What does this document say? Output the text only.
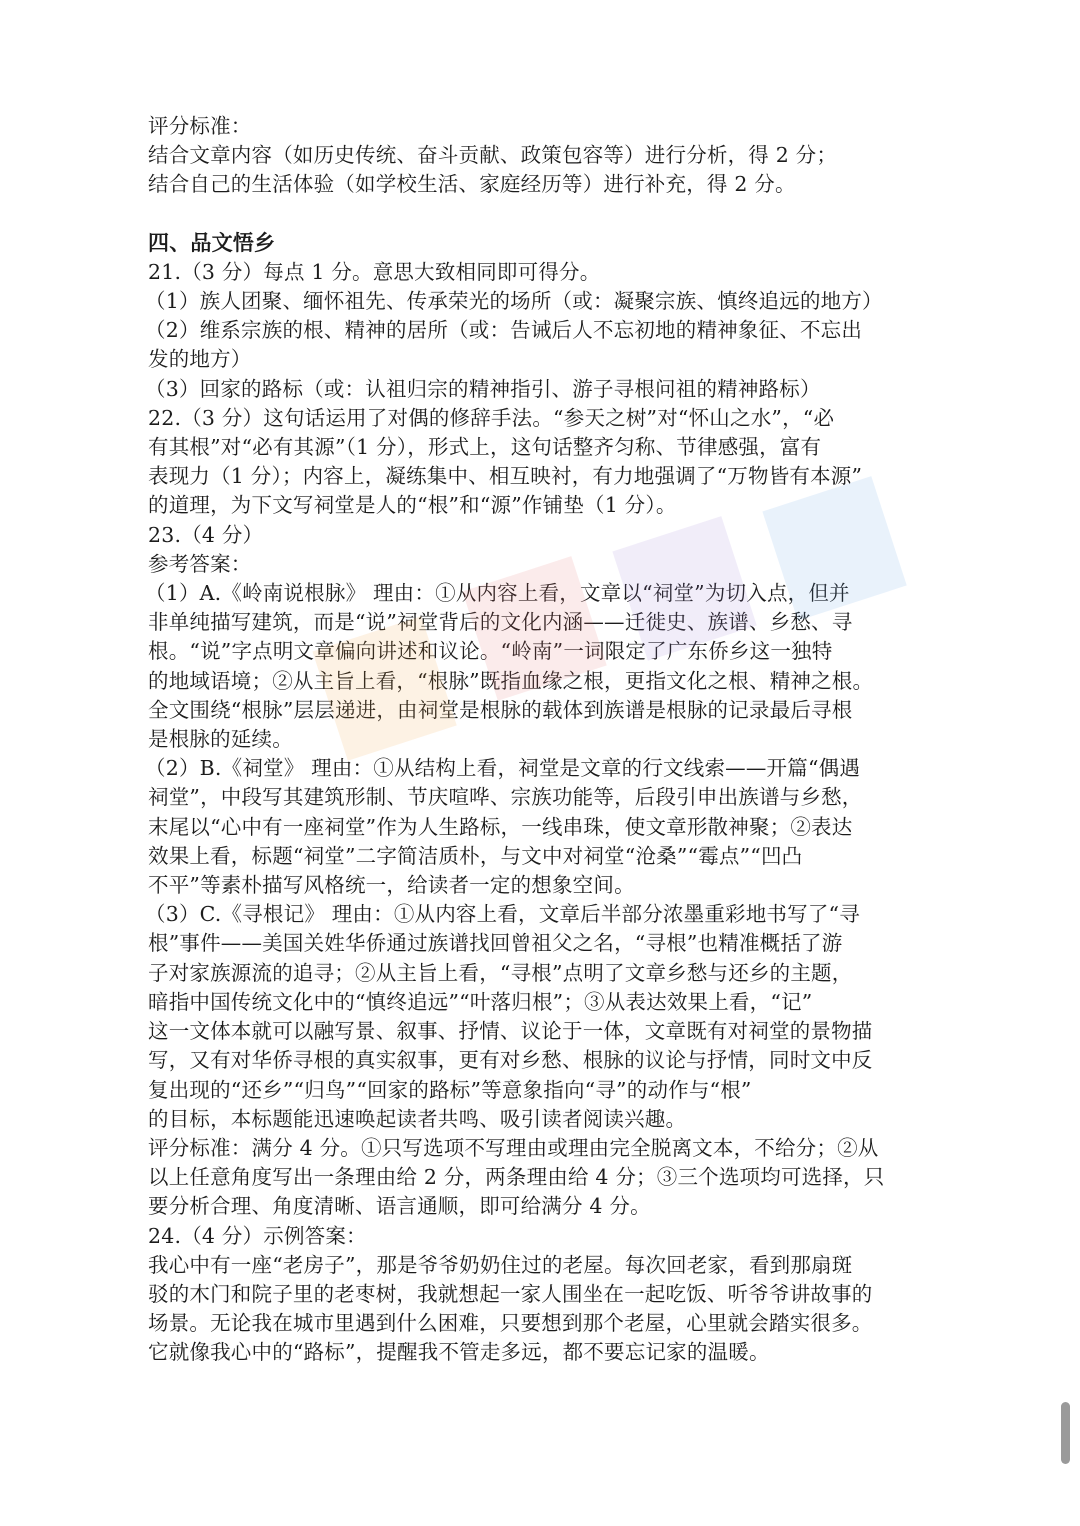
评分标准：
结合文章内容（如历史传统、奋斗贡献、政策包容等）进行分析，得 2 分；
结合自己的生活体验（如学校生活、家庭经历等）进行补充，得 2 分。
四、品文悟乡
21.（3 分）每点 1 分。意思大致相同即可得分。
（1）族人团聚、缅怀祖先、传承荣光的场所（或：凝聚宗族、慎终追远的地方）
（2）维系宗族的根、精神的居所（或：告诫后人不忘初地的精神象征、不忘出
发的地方）
（3）回家的路标（或：认祖归宗的精神指引、游子寻根问祖的精神路标）
22.（3 分）这句话运用了对偶的修辞手法。“参天之树”对“怀山之水”，“必
有其根”对“必有其源”（1 分），形式上，这句话整齐匀称、节律感强，富有
表现力（1 分）；内容上，凝练集中、相互映衬，有力地强调了“万物皆有本源”
的道理，为下文写祠堂是人的“根”和“源”作铺垫（1 分）。
23.（4 分）
参考答案：
（1）A.《岭南说根脉》 理由：①从内容上看，文章以“祠堂”为切入点，但并
非单纯描写建筑，而是“说”祠堂背后的文化内涵——迁徙史、族谱、乡愁、寻
根。“说”字点明文章偏向讲述和议论。“岭南”一词限定了广东侨乡这一独特
的地域语境；②从主旨上看，“根脉”既指血缘之根，更指文化之根、精神之根。
全文围绕“根脉”层层递进，由祠堂是根脉的载体到族谱是根脉的记录最后寻根
是根脉的延续。
（2）B.《祠堂》 理由：①从结构上看，祠堂是文章的行文线索——开篇“偶遇
祠堂”，中段写其建筑形制、节庆喧哗、宗族功能等，后段引申出族谱与乡愁，
末尾以“心中有一座祠堂”作为人生路标，一线串珠，使文章形散神聚；②表达
效果上看，标题“祠堂”二字简洁质朴，与文中对祠堂“沧桑”“霉点”“凹凸
不平”等素朴描写风格统一，给读者一定的想象空间。
（3）C.《寻根记》 理由：①从内容上看，文章后半部分浓墨重彩地书写了“寻
根”事件——美国关姓华侨通过族谱找回曾祖父之名，“寻根”也精准概括了游
子对家族源流的追寻；②从主旨上看，“寻根”点明了文章乡愁与还乡的主题，
暗指中国传统文化中的“慎终追远”“叶落归根”；③从表达效果上看，“记”
这一文体本就可以融写景、叙事、抒情、议论于一体，文章既有对祠堂的景物描
写，又有对华侨寻根的真实叙事，更有对乡愁、根脉的议论与抒情，同时文中反
复出现的“还乡”“归鸟”“回家的路标”等意象指向“寻”的动作与“根”
的目标，本标题能迅速唤起读者共鸣、吸引读者阅读兴趣。
评分标准：满分 4 分。①只写选项不写理由或理由完全脱离文本，不给分；②从
以上任意角度写出一条理由给 2 分，两条理由给 4 分；③三个选项均可选择，只
要分析合理、角度清晰、语言通顺，即可给满分 4 分。
24.（4 分）示例答案：
我心中有一座“老房子”，那是爷爷奶奶住过的老屋。每次回老家，看到那扇斑
驳的木门和院子里的老枣树，我就想起一家人围坐在一起吃饭、听爷爷讲故事的
场景。无论我在城市里遇到什么困难，只要想到那个老屋，心里就会踏实很多。
它就像我心中的“路标”，提醒我不管走多远，都不要忘记家的温暖。
■
■
■
■
